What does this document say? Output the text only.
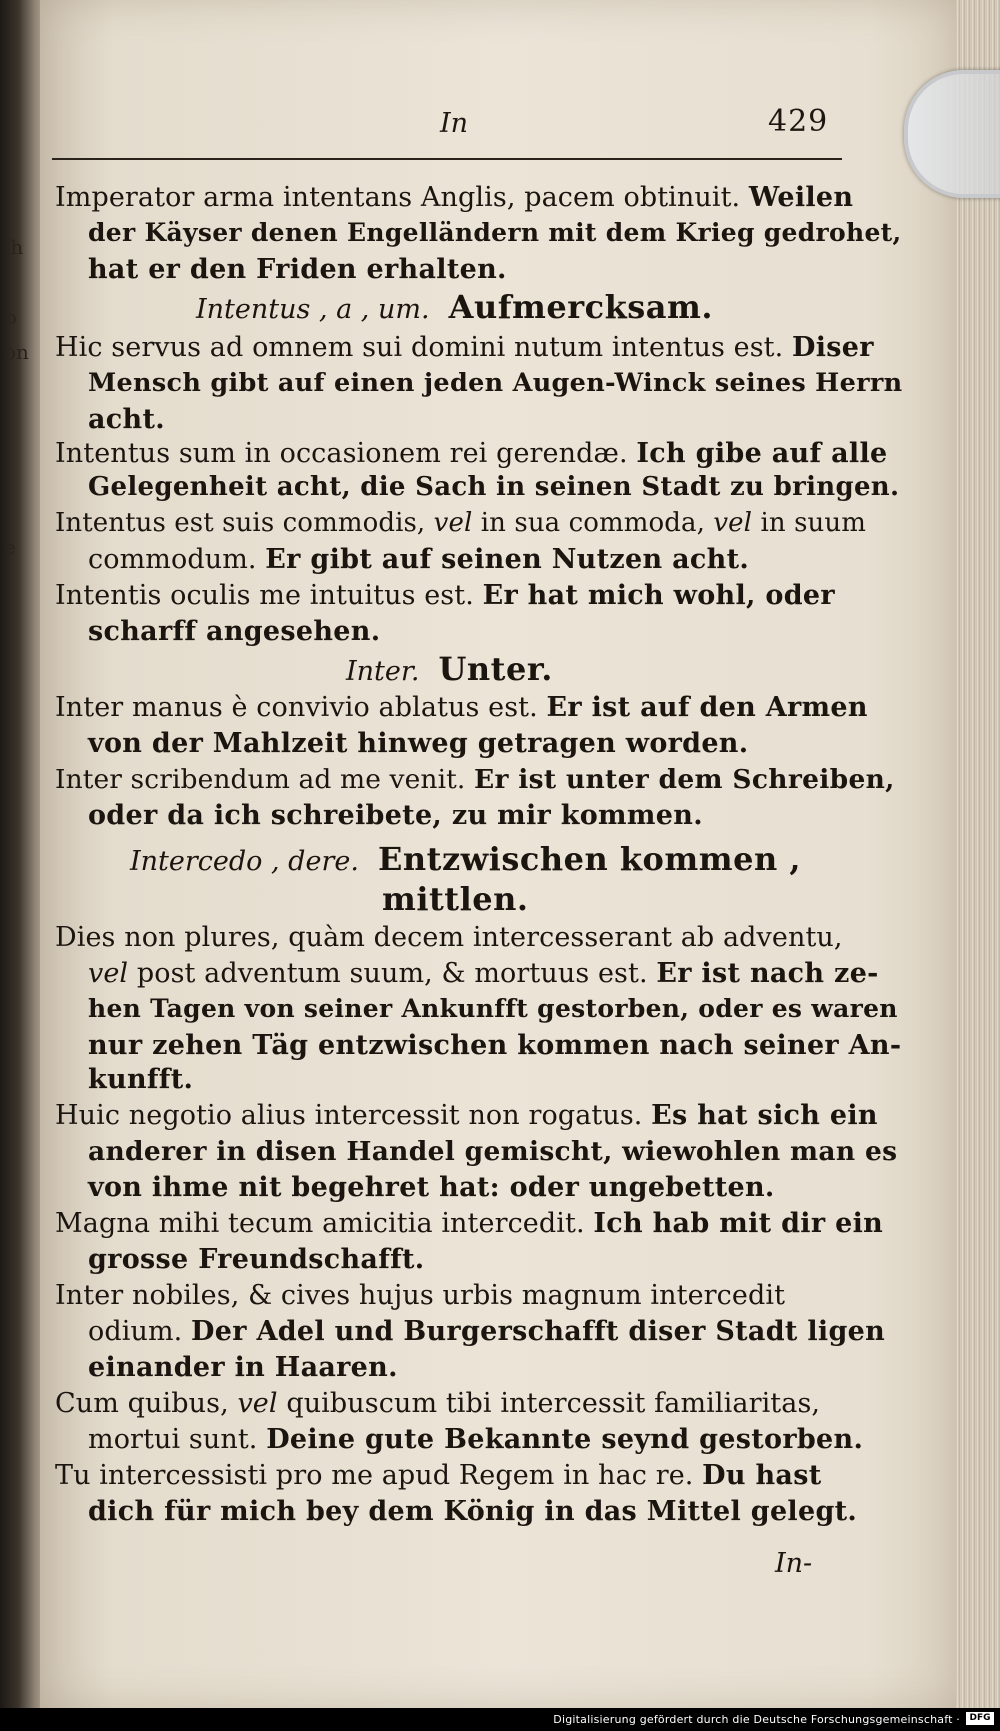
i
ih
b
on
i
i
i
e
In	429
Imperator arma intentans Anglis, pacem obtinuit. Weilen
der Käyser denen Engelländern mit dem Krieg gedrohet,
hat er den Friden erhalten.
Intentus , a , um. Aufmercksam.
Hic servus ad omnem sui domini nutum intentus est. Diser
Mensch gibt auf einen jeden Augen-Winck seines Herrn
acht.
Intentus sum in occasionem rei gerendæ. Ich gibe auf alle
Gelegenheit acht, die Sach in seinen Stadt zu bringen.
Intentus est suis commodis, vel in sua commoda, vel in suum
commodum. Er gibt auf seinen Nutzen acht.
Intentis oculis me intuitus est. Er hat mich wohl, oder
scharff angesehen.
Inter. Unter.
Inter manus è convivio ablatus est. Er ist auf den Armen
von der Mahlzeit hinweg getragen worden.
Inter scribendum ad me venit. Er ist unter dem Schreiben,
oder da ich schreibete, zu mir kommen.
Intercedo , dere. Entzwischen kommen ,
mittlen.
Dies non plures, quàm decem intercesserant ab adventu,
vel post adventum suum, & mortuus est. Er ist nach ze-
hen Tagen von seiner Ankunfft gestorben, oder es waren
nur zehen Täg entzwischen kommen nach seiner An-
kunfft.
Huic negotio alius intercessit non rogatus. Es hat sich ein
anderer in disen Handel gemischt, wiewohlen man es
von ihme nit begehret hat: oder ungebetten.
Magna mihi tecum amicitia intercedit. Ich hab mit dir ein
grosse Freundschafft.
Inter nobiles, & cives hujus urbis magnum intercedit
odium. Der Adel und Burgerschafft diser Stadt ligen
einander in Haaren.
Cum quibus, vel quibuscum tibi intercessit familiaritas,
mortui sunt. Deine gute Bekannte seynd gestorben.
Tu intercessisti pro me apud Regem in hac re. Du hast
dich für mich bey dem König in das Mittel gelegt.
In-
Digitalisierung gefördert durch die Deutsche Forschungsgemeinschaft ·	DFG
